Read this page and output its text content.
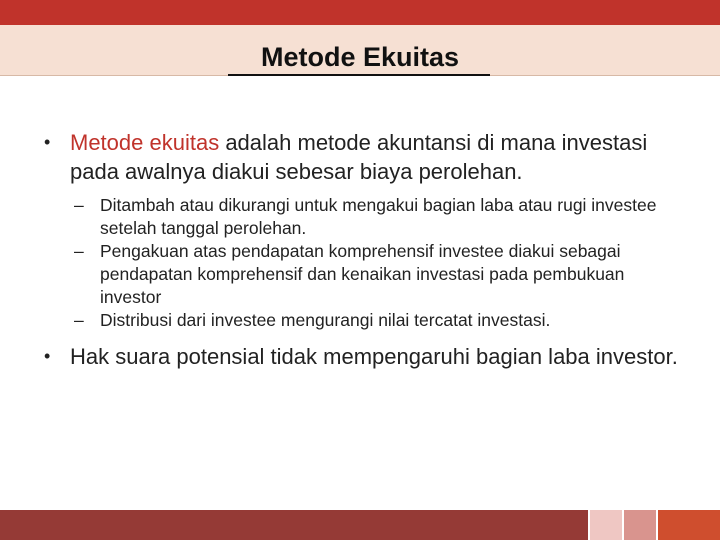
Metode Ekuitas

• Metode ekuitas adalah metode akuntansi di mana investasi pada awalnya diakui sebesar biaya perolehan.

– Ditambah atau dikurangi untuk mengakui bagian laba atau rugi investee setelah tanggal perolehan.
– Pengakuan atas pendapatan komprehensif investee diakui sebagai pendapatan komprehensif dan kenaikan investasi pada pembukuan investor
– Distribusi dari investee mengurangi nilai tercatat investasi.

• Hak suara potensial tidak mempengaruhi bagian laba investor.
